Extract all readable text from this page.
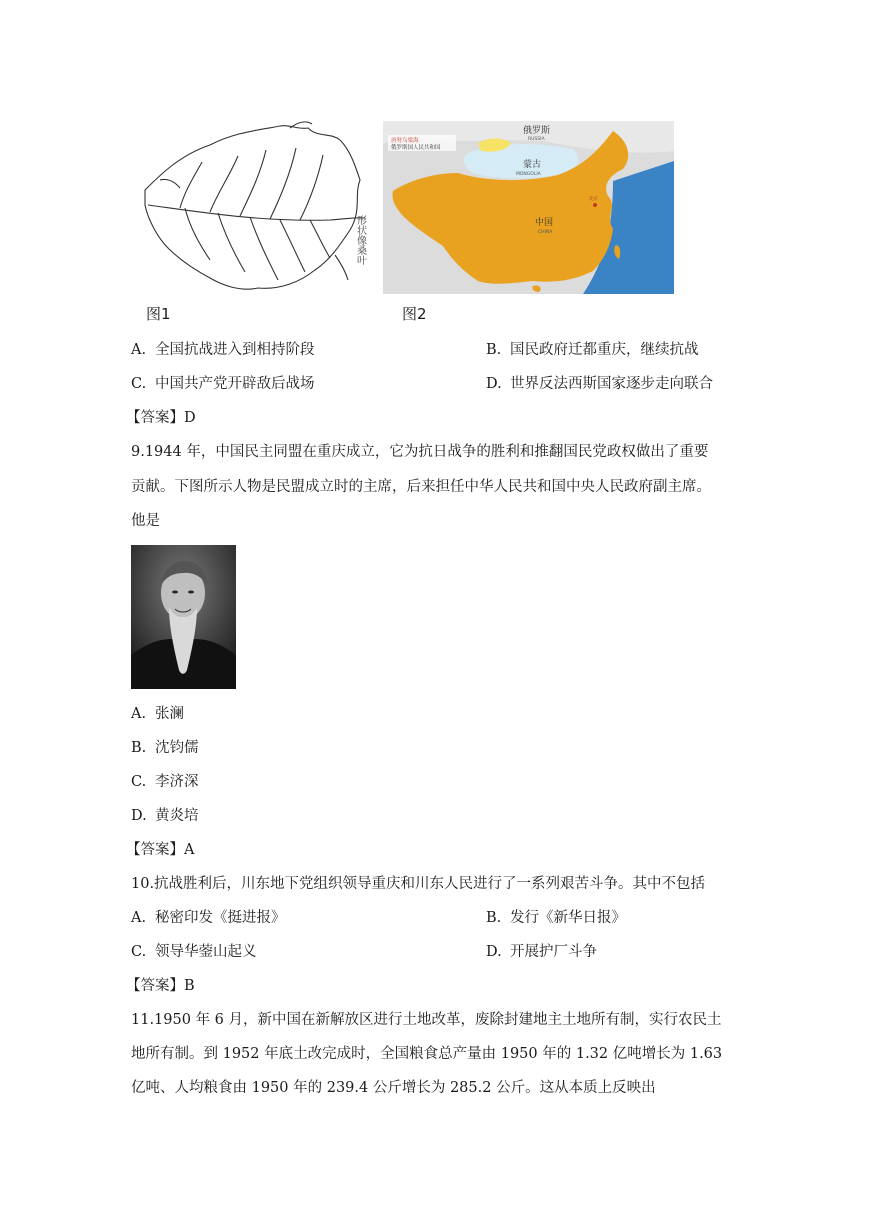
形状像桑叶
图1
唐努乌梁海
俄罗斯国人民共和国
俄罗斯
RUSSIA
蒙古
MONGOLIA
中国
CHINA
北京
图2
A. 全国抗战进入到相持阶段	B. 国民政府迁都重庆，继续抗战
C. 中国共产党开辟敌后战场	D. 世界反法西斯国家逐步走向联合
【答案】D
9.1944 年，中国民主同盟在重庆成立，它为抗日战争的胜利和推翻国民党政权做出了重要
贡献。下图所示人物是民盟成立时的主席，后来担任中华人民共和国中央人民政府副主席。
他是
A. 张澜
B. 沈钧儒
C. 李济深
D. 黄炎培
【答案】A
10.抗战胜利后，川东地下党组织领导重庆和川东人民进行了一系列艰苦斗争。其中不包括
A. 秘密印发《挺进报》	B. 发行《新华日报》
C. 领导华蓥山起义	D. 开展护厂斗争
【答案】B
11.1950 年 6 月，新中国在新解放区进行土地改革，废除封建地主土地所有制，实行农民土
地所有制。到 1952 年底土改完成时，全国粮食总产量由 1950 年的 1.32 亿吨增长为 1.63
亿吨、人均粮食由 1950 年的 239.4 公斤增长为 285.2 公斤。这从本质上反映出
